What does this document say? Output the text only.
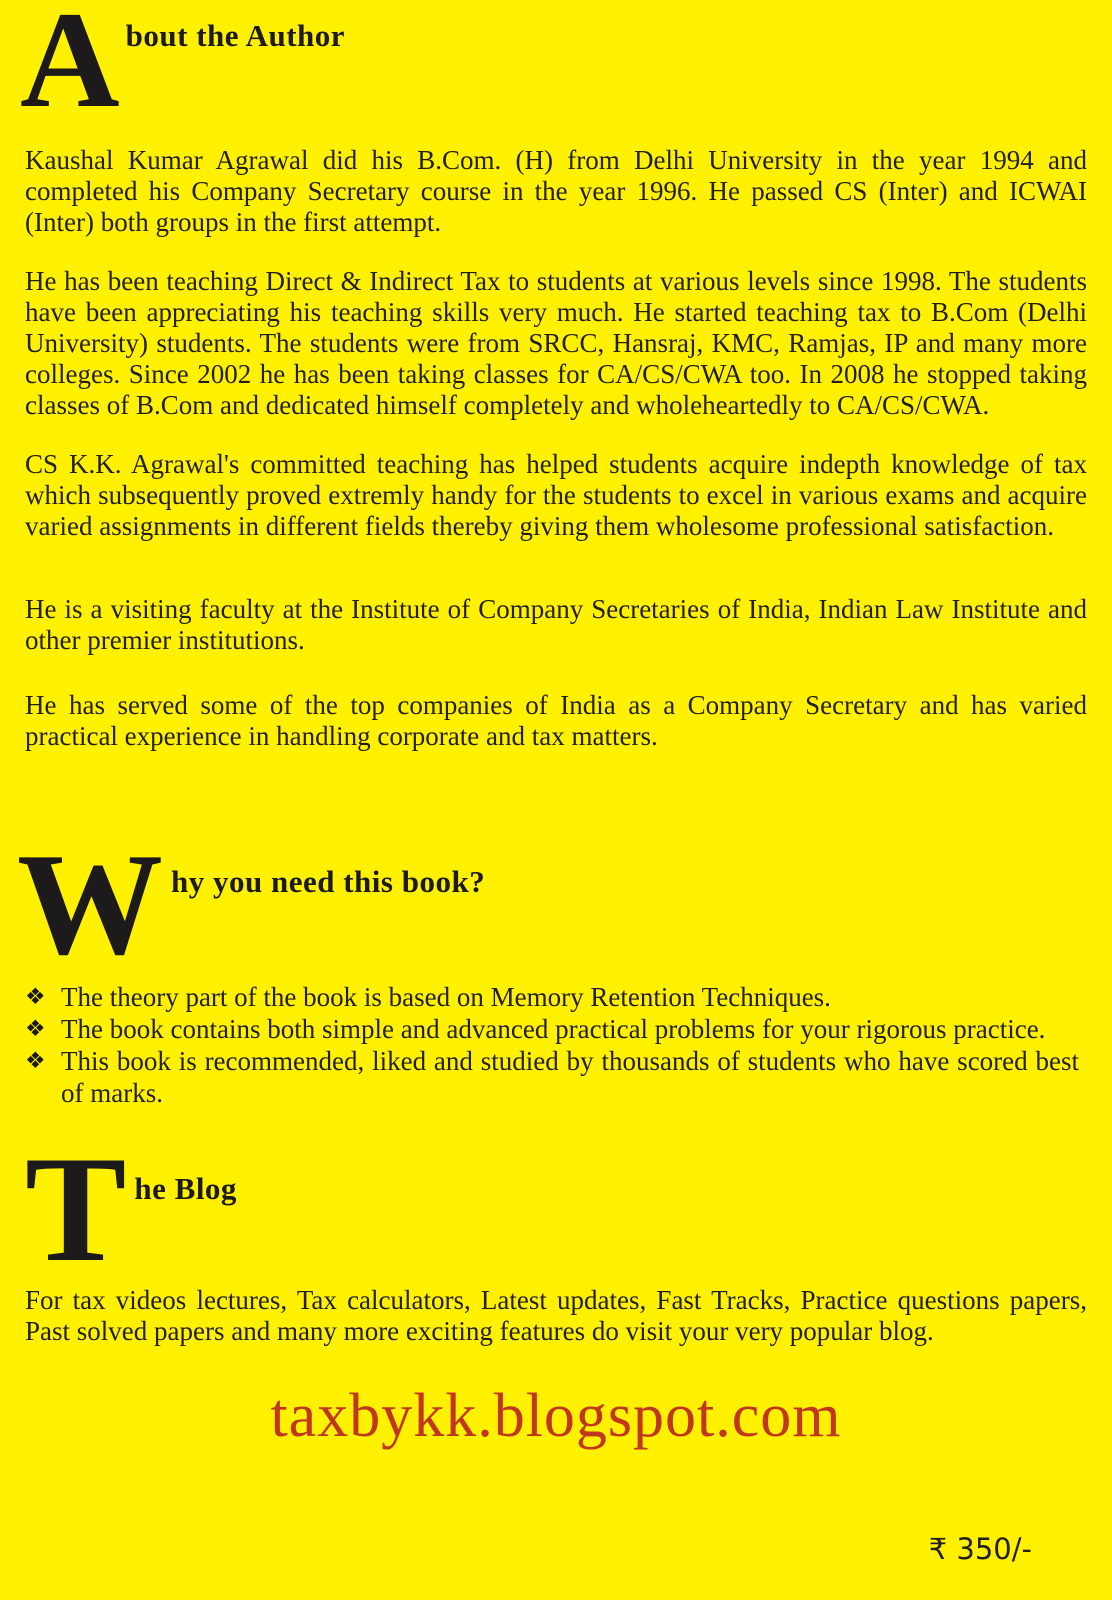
A bout the Author

Kaushal Kumar Agrawal did his B.Com. (H) from Delhi University in the year 1994 and completed his Company Secretary course in the year 1996. He passed CS (Inter) and ICWAI (Inter) both groups in the first attempt.

He has been teaching Direct & Indirect Tax to students at various levels since 1998. The students have been appreciating his teaching skills very much. He started teaching tax to B.Com (Delhi University) students. The students were from SRCC, Hansraj, KMC, Ramjas, IP and many more colleges. Since 2002 he has been taking classes for CA/CS/CWA too. In 2008 he stopped taking classes of B.Com and dedicated himself completely and wholeheartedly to CA/CS/CWA.

CS K.K. Agrawal's committed teaching has helped students acquire indepth knowledge of tax which subsequently proved extremly handy for the students to excel in various exams and acquire varied assignments in different fields thereby giving them wholesome professional satisfaction.

He is a visiting faculty at the Institute of Company Secretaries of India, Indian Law Institute and other premier institutions.

He has served some of the top companies of India as a Company Secretary and has varied practical experience in handling corporate and tax matters.

W hy you need this book?
❖ The theory part of the book is based on Memory Retention Techniques.
❖ The book contains both simple and advanced practical problems for your rigorous practice.
❖ This book is recommended, liked and studied by thousands of students who have scored best of marks.
T he Blog

For tax videos lectures, Tax calculators, Latest updates, Fast Tracks, Practice questions papers, Past solved papers and many more exciting features do visit your very popular blog.

taxbykk.blogspot.com
₹ 350/-
